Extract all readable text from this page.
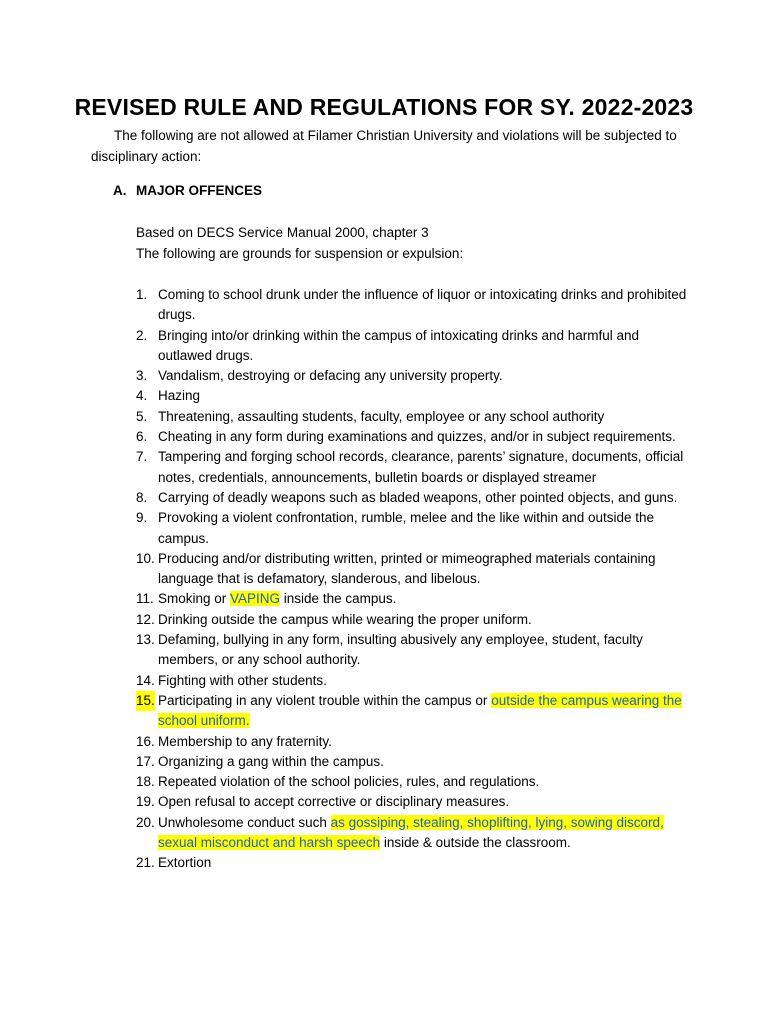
REVISED RULE AND REGULATIONS FOR SY. 2022-2023
The following are not allowed at Filamer Christian University and violations will be subjected to disciplinary action:
A. MAJOR OFFENCES
Based on DECS Service Manual 2000, chapter 3
The following are grounds for suspension or expulsion:
1. Coming to school drunk under the influence of liquor or intoxicating drinks and prohibited drugs.
2. Bringing into/or drinking within the campus of intoxicating drinks and harmful and outlawed drugs.
3. Vandalism, destroying or defacing any university property.
4. Hazing
5. Threatening, assaulting students, faculty, employee or any school authority
6. Cheating in any form during examinations and quizzes, and/or in subject requirements.
7. Tampering and forging school records, clearance, parents’ signature, documents, official notes, credentials, announcements, bulletin boards or displayed streamer
8. Carrying of deadly weapons such as bladed weapons, other pointed objects, and guns.
9. Provoking a violent confrontation, rumble, melee and the like within and outside the campus.
10. Producing and/or distributing written, printed or mimeographed materials containing language that is defamatory, slanderous, and libelous.
11. Smoking or VAPING inside the campus.
12. Drinking outside the campus while wearing the proper uniform.
13. Defaming, bullying in any form, insulting abusively any employee, student, faculty members, or any school authority.
14. Fighting with other students.
15. Participating in any violent trouble within the campus or outside the campus wearing the school uniform.
16. Membership to any fraternity.
17. Organizing a gang within the campus.
18. Repeated violation of the school policies, rules, and regulations.
19. Open refusal to accept corrective or disciplinary measures.
20. Unwholesome conduct such as gossiping, stealing, shoplifting, lying, sowing discord, sexual misconduct and harsh speech inside & outside the classroom.
21. Extortion
